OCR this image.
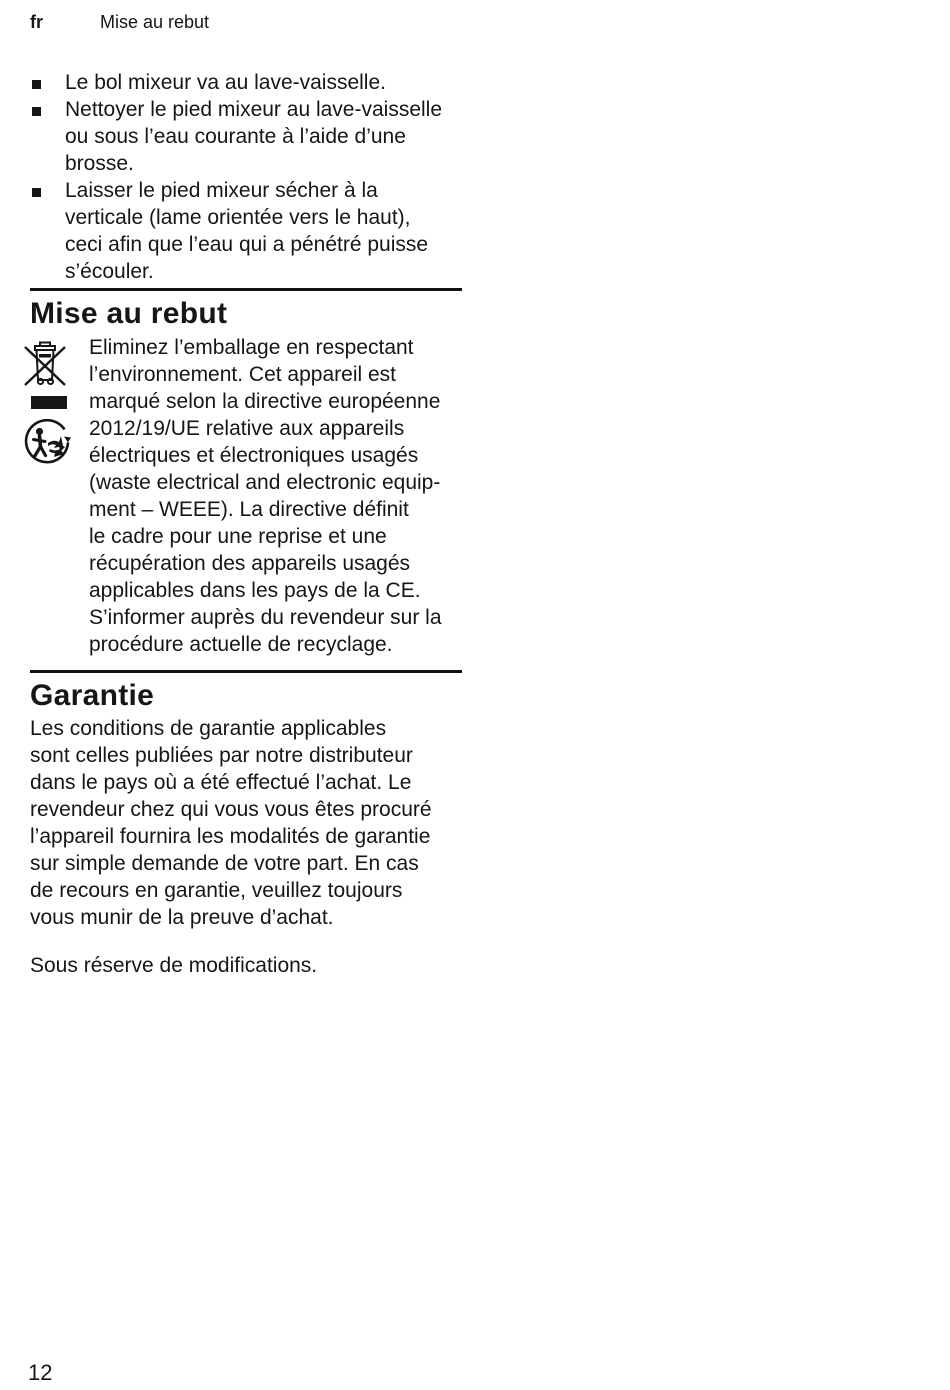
fr	Mise au rebut
Le bol mixeur va au lave-vaisselle.
Nettoyer le pied mixeur au lave-vaisselle
ou sous l’eau courante à l’aide d’une
brosse.
Laisser le pied mixeur sécher à la
verticale (lame orientée vers le haut),
ceci afin que l’eau qui a pénétré puisse
s’écouler.
Mise au rebut
Eliminez l’emballage en respectant
l’environnement. Cet appareil est
marqué selon la directive européenne
2012/19/UE relative aux appareils
électriques et électroniques usagés
(waste electrical and electronic equip-
ment – WEEE). La directive définit
le cadre pour une reprise et une
récupération des appareils usagés
applicables dans les pays de la CE.
S’informer auprès du revendeur sur la
procédure actuelle de recyclage.
Garantie
Les conditions de garantie applicables
sont celles publiées par notre distributeur
dans le pays où a été effectué l’achat. Le
revendeur chez qui vous vous êtes procuré
l’appareil fournira les modalités de garantie
sur simple demande de votre part. En cas
de recours en garantie, veuillez toujours
vous munir de la preuve d’achat.
Sous réserve de modifications.
12
